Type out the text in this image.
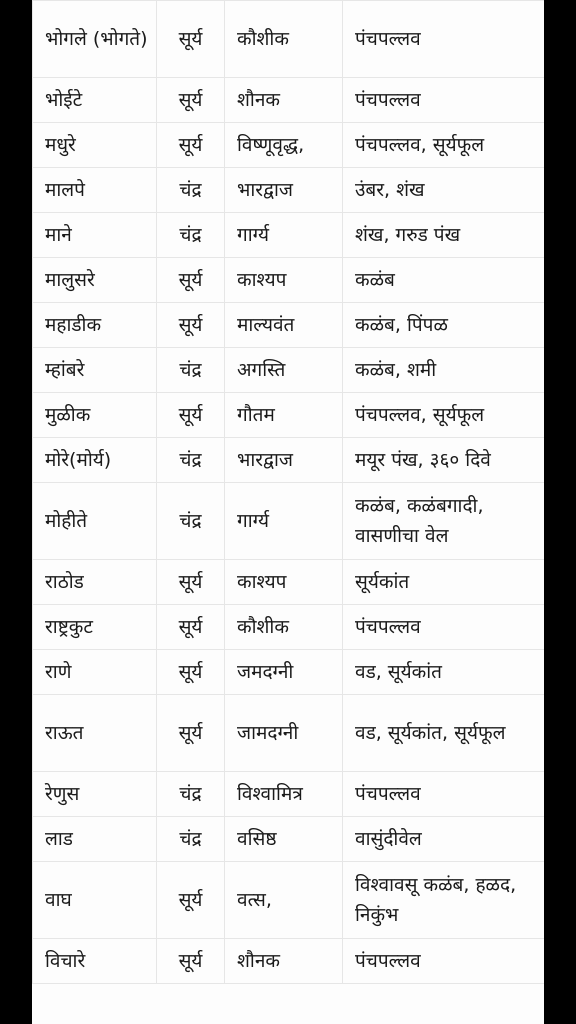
भोगले (भोगते)	सूर्य	कौशीक	पंचपल्लव
भोईटे	सूर्य	शौनक	पंचपल्लव
मधुरे	सूर्य	विष्णूवृद्ध,	पंचपल्लव, सूर्यफूल
मालपे	चंद्र	भारद्वाज	उंबर, शंख
माने	चंद्र	गार्ग्य	शंख, गरुड पंख
मालुसरे	सूर्य	काश्यप	कळंब
महाडीक	सूर्य	माल्यवंत	कळंब, पिंपळ
म्हांबरे	चंद्र	अगस्ति	कळंब, शमी
मुळीक	सूर्य	गौतम	पंचपल्लव, सूर्यफूल
मोरे(मोर्य)	चंद्र	भारद्वाज	मयूर पंख, ३६० दिवे
मोहीते	चंद्र	गार्ग्य	कळंब, कळंबगादी, वासणीचा वेल
राठोड	सूर्य	काश्यप	सूर्यकांत
राष्ट्रकुट	सूर्य	कौशीक	पंचपल्लव
राणे	सूर्य	जमदग्नी	वड, सूर्यकांत
राऊत	सूर्य	जामदग्नी	वड, सूर्यकांत, सूर्यफूल
रेणुस	चंद्र	विश्वामित्र	पंचपल्लव
लाड	चंद्र	वसिष्ठ	वासुंदीवेल
वाघ	सूर्य	वत्स,	विश्वावसू कळंब, हळद, निकुंभ
विचारे	सूर्य	शौनक	पंचपल्लव
